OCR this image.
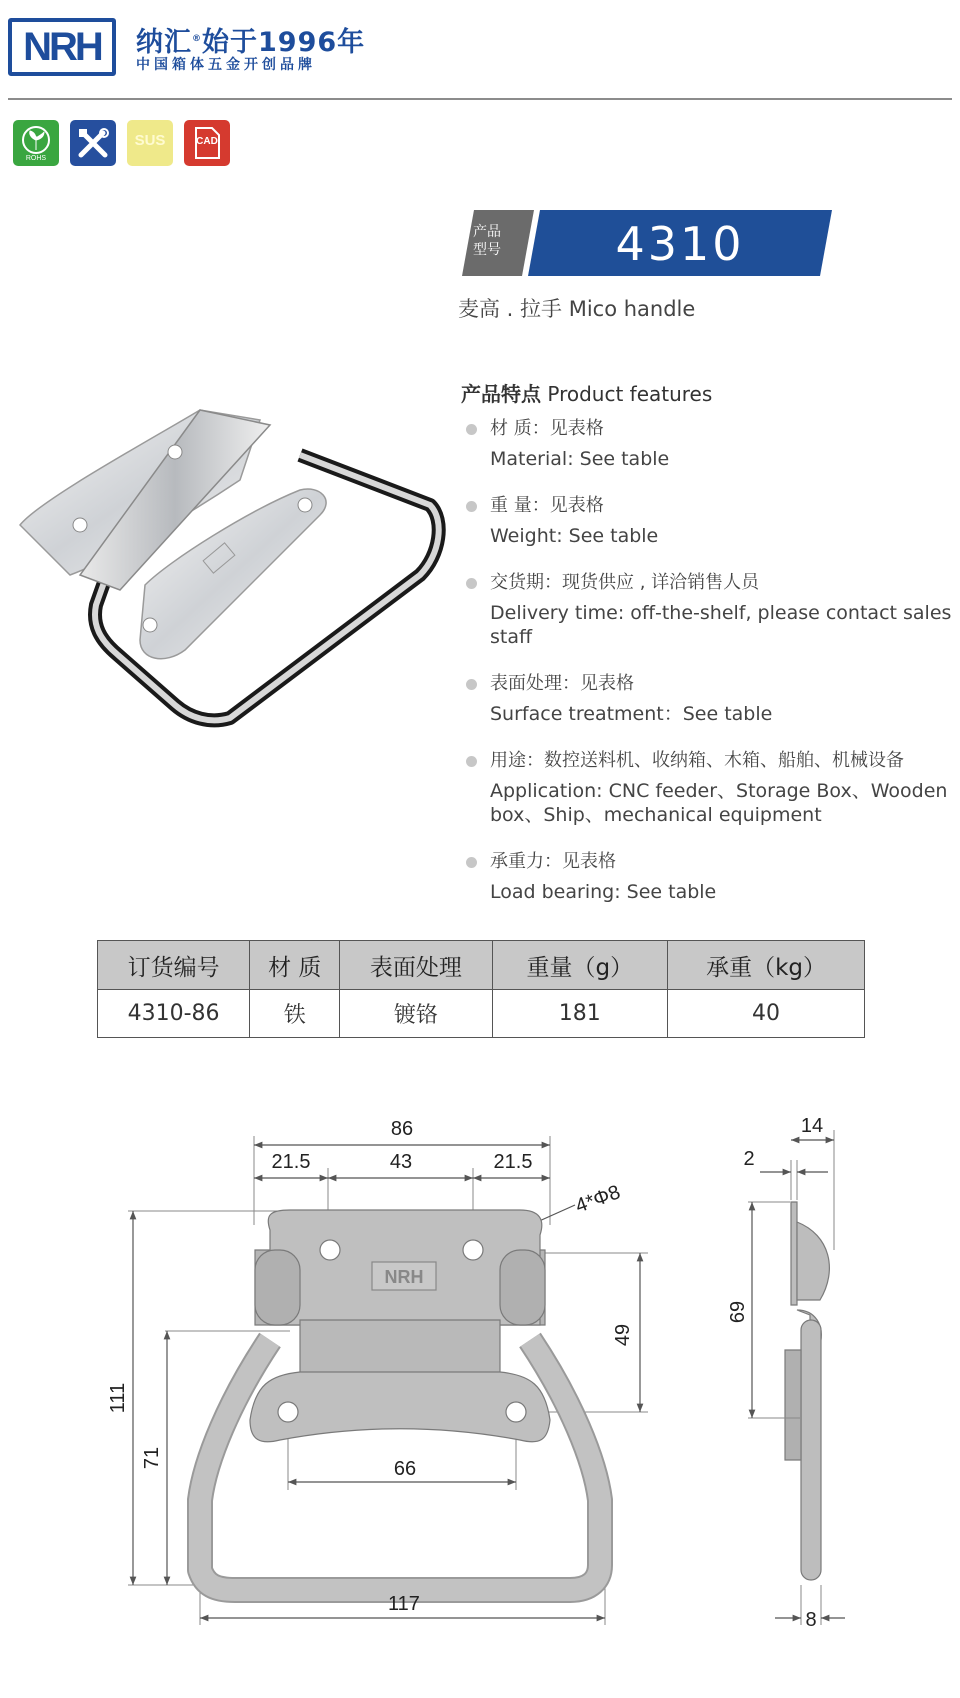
NRH	纳汇®始于1996年
中国箱体五金开创品牌
ROHS
SUS	CAD
产品
型号	4310
麦高 . 拉手 Mico handle
产品特点 Product features
材 质：见表格
Material: See table
重 量：见表格
Weight: See table
交货期：现货供应 , 详洽销售人员
Delivery time: off-the-shelf, please contact sales staff
表面处理：见表格
Surface treatment：See table
用途：数控送料机、收纳箱、木箱、船舶、机械设备
Application: CNC feeder、Storage Box、Wooden box、Ship、mechanical equipment
承重力：见表格
Load bearing: See table
订货编号	材 质	表面处理	重量（g）	承重（kg）
4310-86	铁	镀铬	181	40
NRH
86
21.5	43	21.5
4*Φ8
49
111
71	66
117
14
2
69
8
